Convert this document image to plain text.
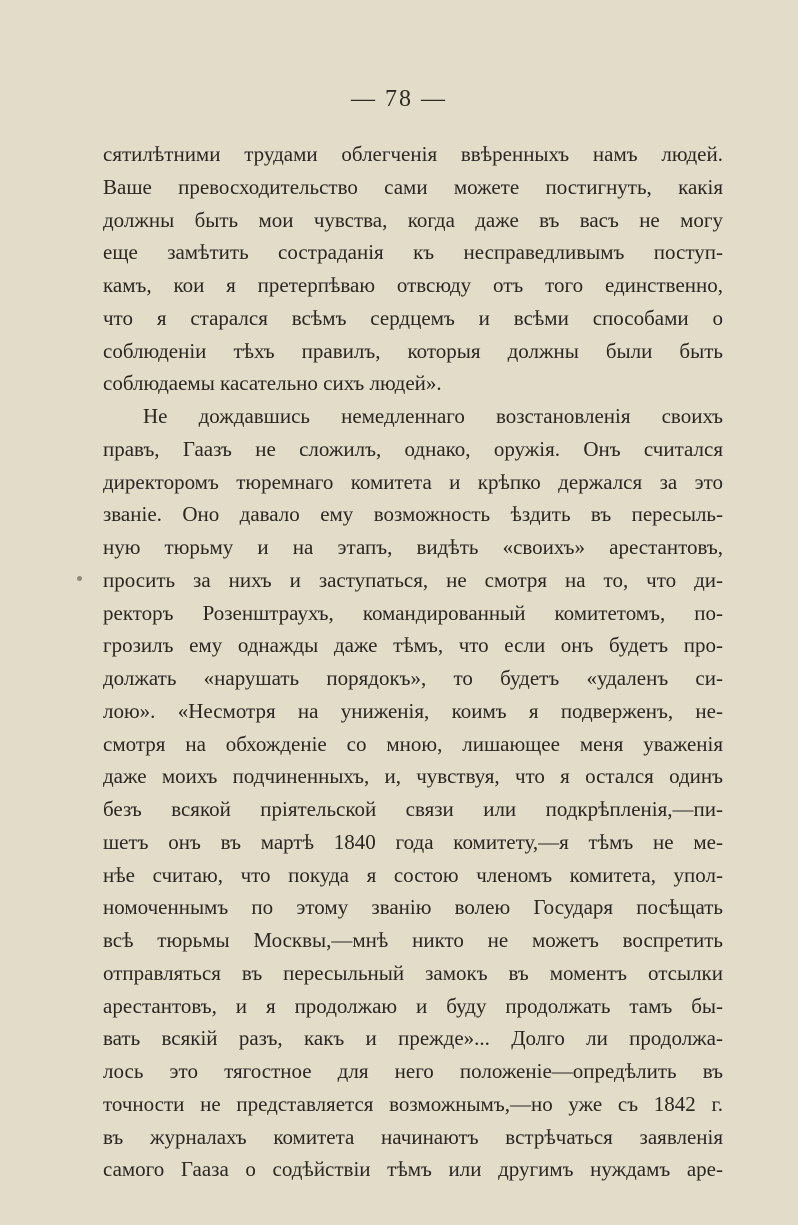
— 78 —
сятилѣтними трудами облегченія ввѣренныхъ намъ людей.
Ваше превосходительство сами можете постигнуть, какія
должны быть мои чувства, когда даже въ васъ не могу
еще замѣтить состраданія къ несправедливымъ поступ-
камъ, кои я претерпѣваю отвсюду отъ того единственно,
что я старался всѣмъ сердцемъ и всѣми способами о
соблюденіи тѣхъ правилъ, которыя должны были быть
соблюдаемы касательно сихъ людей».
Не дождавшись немедленнаго возстановленія своихъ
правъ, Гаазъ не сложилъ, однако, оружія. Онъ считался
директоромъ тюремнаго комитета и крѣпко держался за это
званіе. Оно давало ему возможность ѣздить въ пересыль-
ную тюрьму и на этапъ, видѣть «своихъ» арестантовъ,
просить за нихъ и заступаться, не смотря на то, что ди-
ректоръ Розенштраухъ, командированный комитетомъ, по-
грозилъ ему однажды даже тѣмъ, что если онъ будетъ про-
должать «нарушать порядокъ», то будетъ «удаленъ си-
лою». «Несмотря на униженія, коимъ я подверженъ, не-
смотря на обхожденіе со мною, лишающее меня уваженія
даже моихъ подчиненныхъ, и, чувствуя, что я остался одинъ
безъ всякой пріятельской связи или подкрѣпленія,—пи-
шетъ онъ въ мартѣ 1840 года комитету,—я тѣмъ не ме-
нѣе считаю, что покуда я состою членомъ комитета, упол-
номоченнымъ по этому званію волею Государя посѣщать
всѣ тюрьмы Москвы,—мнѣ никто не можетъ воспретить
отправляться въ пересыльный замокъ въ моментъ отсылки
арестантовъ, и я продолжаю и буду продолжать тамъ бы-
вать всякій разъ, какъ и прежде»... Долго ли продолжа-
лось это тягостное для него положеніе—опредѣлить въ
точности не представляется возможнымъ,—но уже съ 1842 г.
въ журналахъ комитета начинаютъ встрѣчаться заявленія
самого Гааза о содѣйствіи тѣмъ или другимъ нуждамъ аре-
